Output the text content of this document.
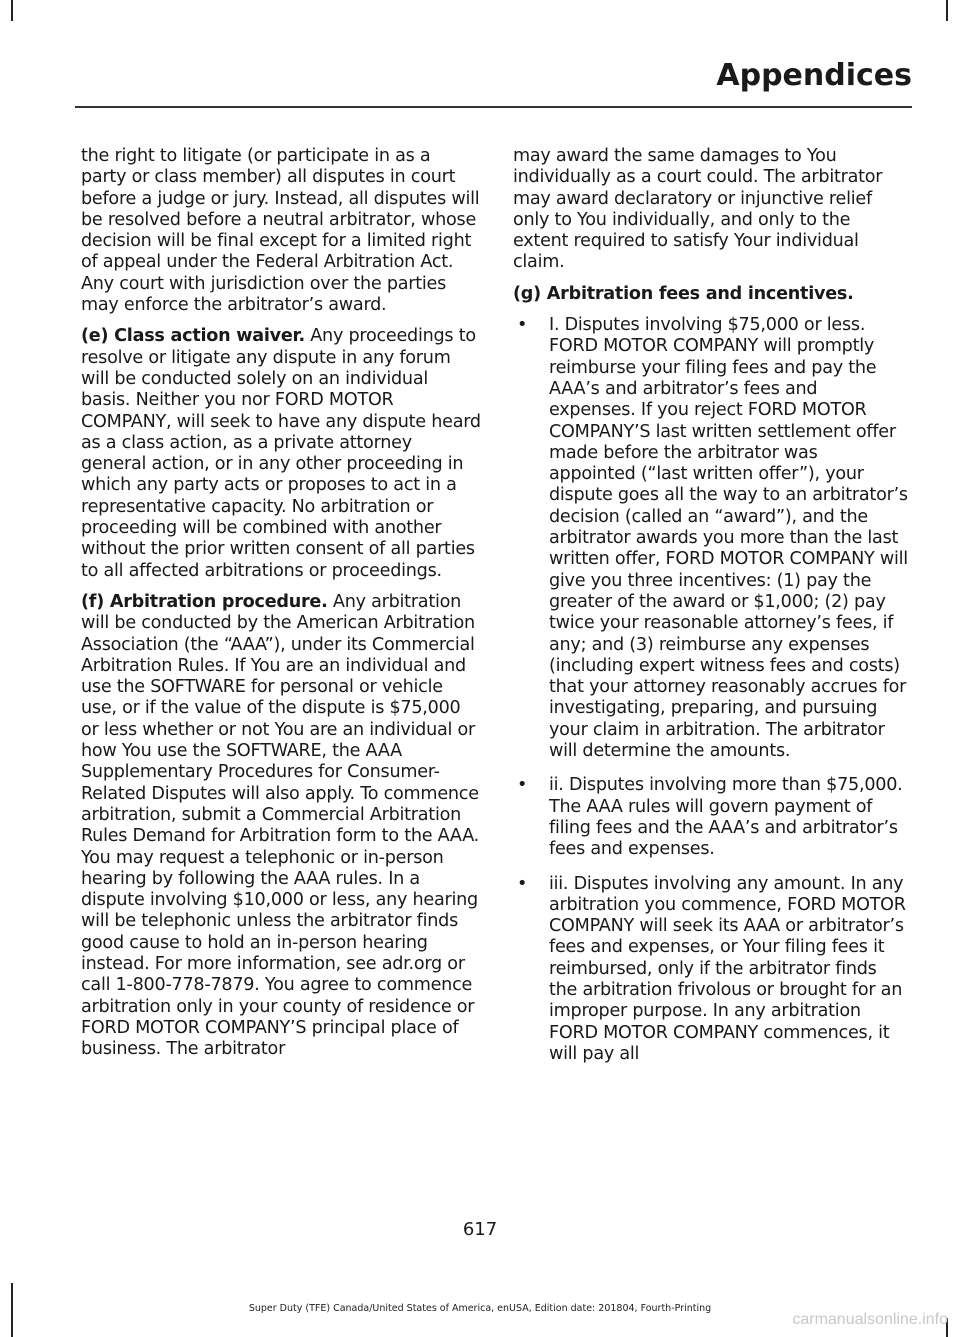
Appendices

the right to litigate (or participate in as a party or class member) all disputes in court before a judge or jury. Instead, all disputes will be resolved before a neutral arbitrator, whose decision will be final except for a limited right of appeal under the Federal Arbitration Act. Any court with jurisdiction over the parties may enforce the arbitrator’s award.

(e) Class action waiver. Any proceedings to resolve or litigate any dispute in any forum will be conducted solely on an individual basis. Neither you nor FORD MOTOR COMPANY, will seek to have any dispute heard as a class action, as a private attorney general action, or in any other proceeding in which any party acts or proposes to act in a representative capacity. No arbitration or proceeding will be combined with another without the prior written consent of all parties to all affected arbitrations or proceedings.

(f) Arbitration procedure. Any arbitration will be conducted by the American Arbitration Association (the “AAA”), under its Commercial Arbitration Rules. If You are an individual and use the SOFTWARE for personal or vehicle use, or if the value of the dispute is $75,000 or less whether or not You are an individual or how You use the SOFTWARE, the AAA Supplementary Procedures for Consumer-Related Disputes will also apply. To commence arbitration, submit a Commercial Arbitration Rules Demand for Arbitration form to the AAA. You may request a telephonic or in-person hearing by following the AAA rules. In a dispute involving $10,000 or less, any hearing will be telephonic unless the arbitrator finds good cause to hold an in-person hearing instead. For more information, see adr.org or call 1-800-778-7879. You agree to commence arbitration only in your county of residence or FORD MOTOR COMPANY’S principal place of business. The arbitrator

may award the same damages to You individually as a court could. The arbitrator may award declaratory or injunctive relief only to You individually, and only to the extent required to satisfy Your individual claim.

(g) Arbitration fees and incentives.

• I. Disputes involving $75,000 or less. FORD MOTOR COMPANY will promptly reimburse your filing fees and pay the AAA’s and arbitrator’s fees and expenses. If you reject FORD MOTOR COMPANY’S last written settlement offer made before the arbitrator was appointed (“last written offer”), your dispute goes all the way to an arbitrator’s decision (called an “award”), and the arbitrator awards you more than the last written offer, FORD MOTOR COMPANY will give you three incentives: (1) pay the greater of the award or $1,000; (2) pay twice your reasonable attorney’s fees, if any; and (3) reimburse any expenses (including expert witness fees and costs) that your attorney reasonably accrues for investigating, preparing, and pursuing your claim in arbitration. The arbitrator will determine the amounts.
• ii. Disputes involving more than $75,000. The AAA rules will govern payment of filing fees and the AAA’s and arbitrator’s fees and expenses.
• iii. Disputes involving any amount. In any arbitration you commence, FORD MOTOR COMPANY will seek its AAA or arbitrator’s fees and expenses, or Your filing fees it reimbursed, only if the arbitrator finds the arbitration frivolous or brought for an improper purpose. In any arbitration FORD MOTOR COMPANY commences, it will pay all
617
Super Duty (TFE) Canada/United States of America, enUSA, Edition date: 201804, Fourth-Printing
carmanualsonline.info
